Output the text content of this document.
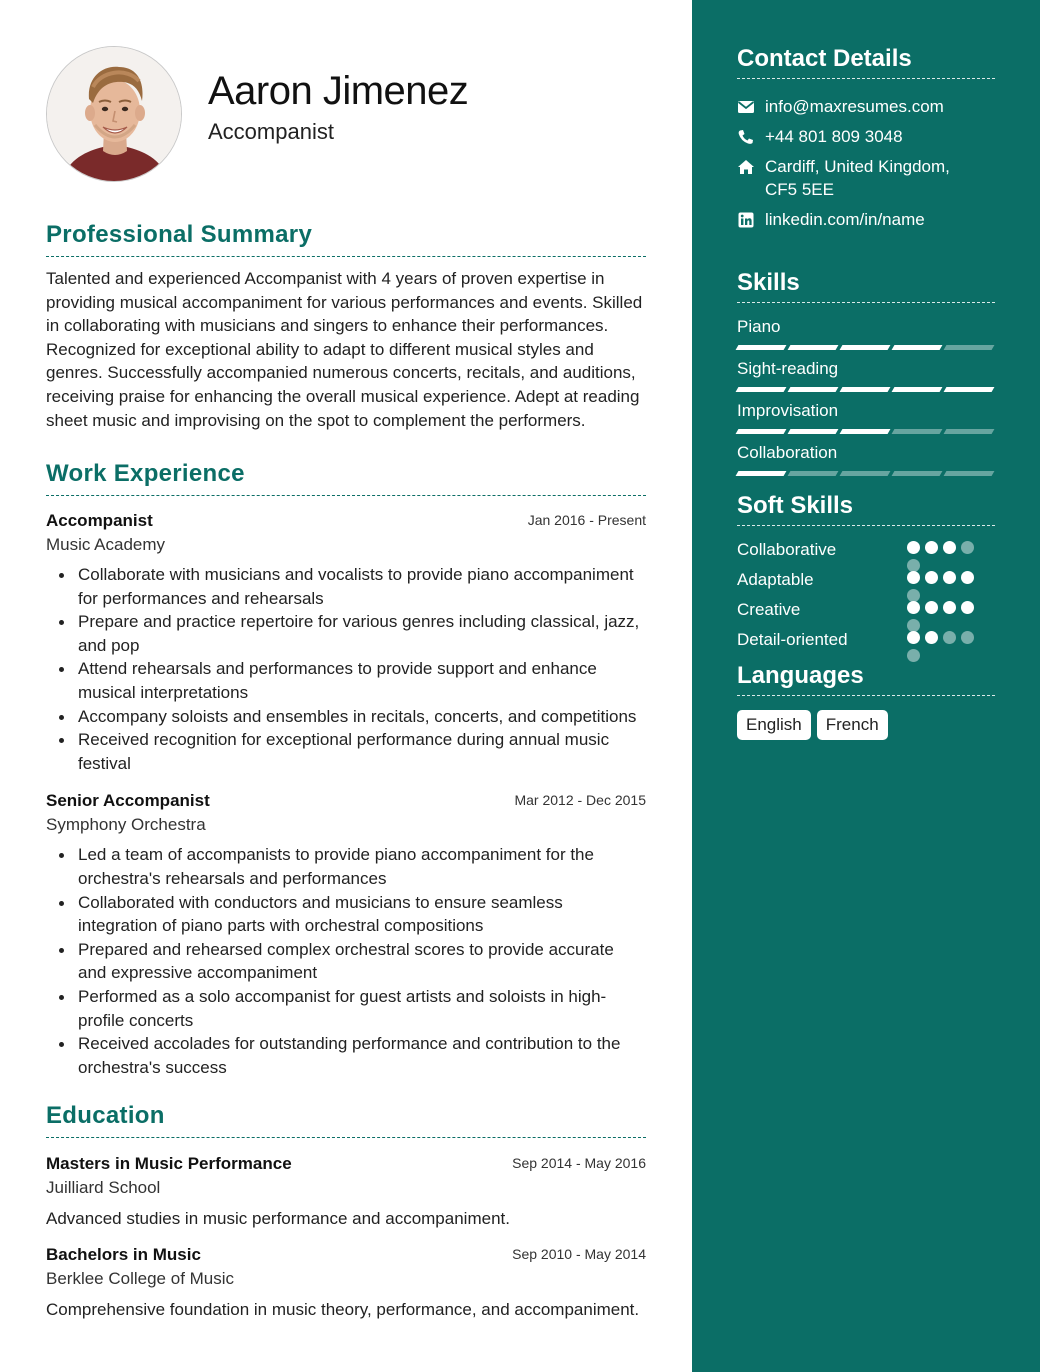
Aaron Jimenez
Accompanist
Professional Summary

Talented and experienced Accompanist with 4 years of proven expertise in providing musical accompaniment for various performances and events. Skilled in collaborating with musicians and singers to enhance their performances. Recognized for exceptional ability to adapt to different musical styles and genres. Successfully accompanied numerous concerts, recitals, and auditions, receiving praise for enhancing the overall musical experience. Adept at reading sheet music and improvising on the spot to complement the performers.

Work Experience
Accompanist	Jan 2016 - Present
Music Academy
Collaborate with musicians and vocalists to provide piano accompaniment for performances and rehearsals
Prepare and practice repertoire for various genres including classical, jazz, and pop
Attend rehearsals and performances to provide support and enhance musical interpretations
Accompany soloists and ensembles in recitals, concerts, and competitions
Received recognition for exceptional performance during annual music festival
Senior Accompanist	Mar 2012 - Dec 2015
Symphony Orchestra
Led a team of accompanists to provide piano accompaniment for the orchestra's rehearsals and performances
Collaborated with conductors and musicians to ensure seamless integration of piano parts with orchestral compositions
Prepared and rehearsed complex orchestral scores to provide accurate and expressive accompaniment
Performed as a solo accompanist for guest artists and soloists in high-profile concerts
Received accolades for outstanding performance and contribution to the orchestra's success
Education
Masters in Music Performance	Sep 2014 - May 2016
Juilliard School

Advanced studies in music performance and accompaniment.

Bachelors in Music	Sep 2010 - May 2014
Berklee College of Music

Comprehensive foundation in music theory, performance, and accompaniment.

Contact Details
info@maxresumes.com
+44 801 809 3048
Cardiff, United Kingdom,
CF5 5EE
linkedin.com/in/name
Skills
Piano
Sight-reading
Improvisation
Collaboration
Soft Skills
Collaborative
Adaptable
Creative
Detail-oriented
Languages
English	French
